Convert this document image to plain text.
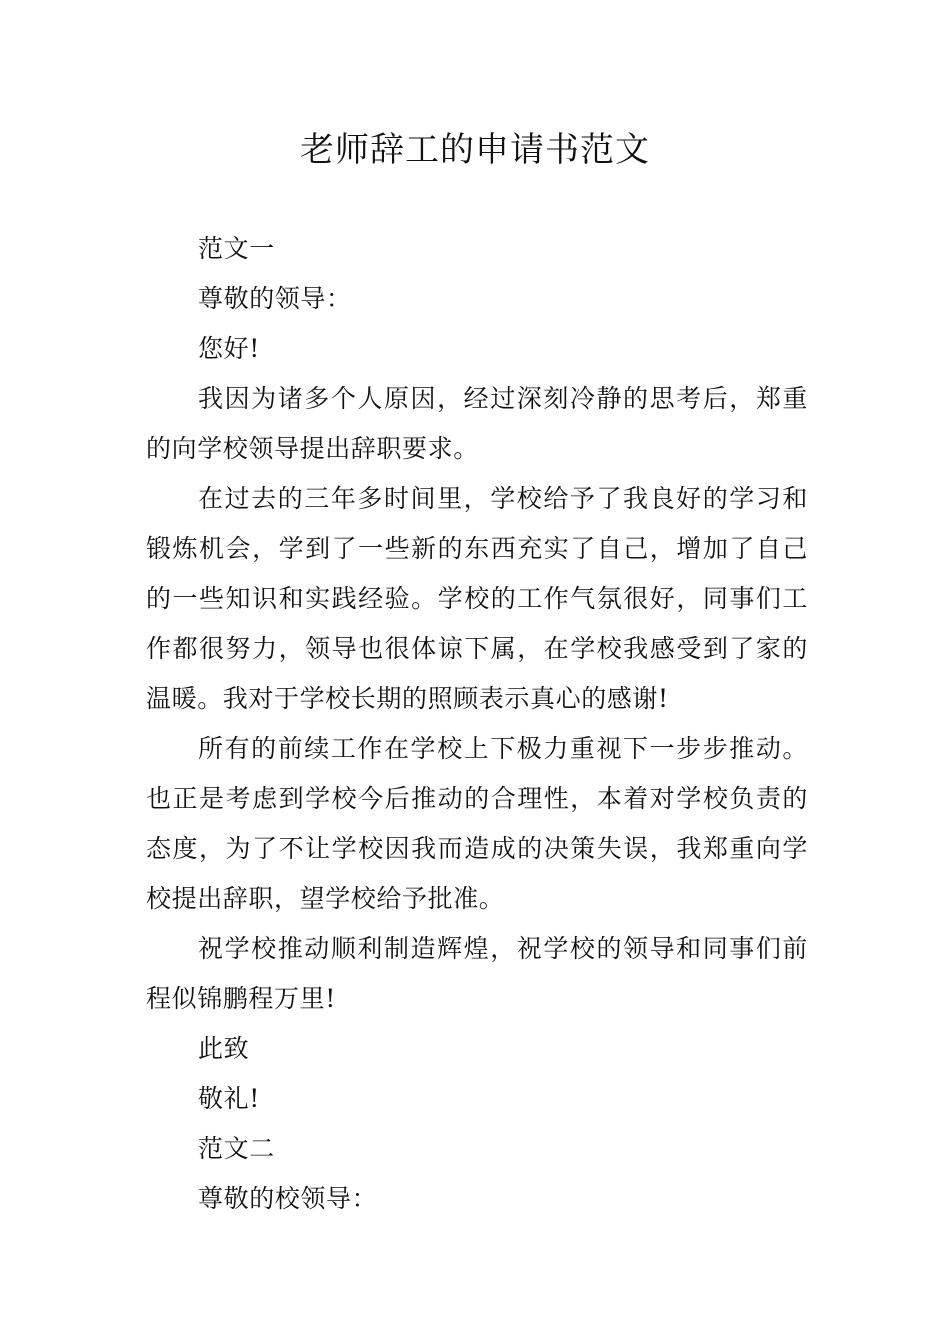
老师辞工的申请书范文

范文一

尊敬的领导：

您好!

我因为诸多个人原因，经过深刻冷静的思考后，郑重的向学校领导提出辞职要求。

在过去的三年多时间里，学校给予了我良好的学习和锻炼机会，学到了一些新的东西充实了自己，增加了自己的一些知识和实践经验。学校的工作气氛很好，同事们工作都很努力，领导也很体谅下属，在学校我感受到了家的温暖。我对于学校长期的照顾表示真心的感谢!

所有的前续工作在学校上下极力重视下一步步推动。也正是考虑到学校今后推动的合理性，本着对学校负责的态度，为了不让学校因我而造成的决策失误，我郑重向学校提出辞职，望学校给予批准。

祝学校推动顺利制造辉煌，祝学校的领导和同事们前程似锦鹏程万里!

此致

敬礼!

范文二

尊敬的校领导：
